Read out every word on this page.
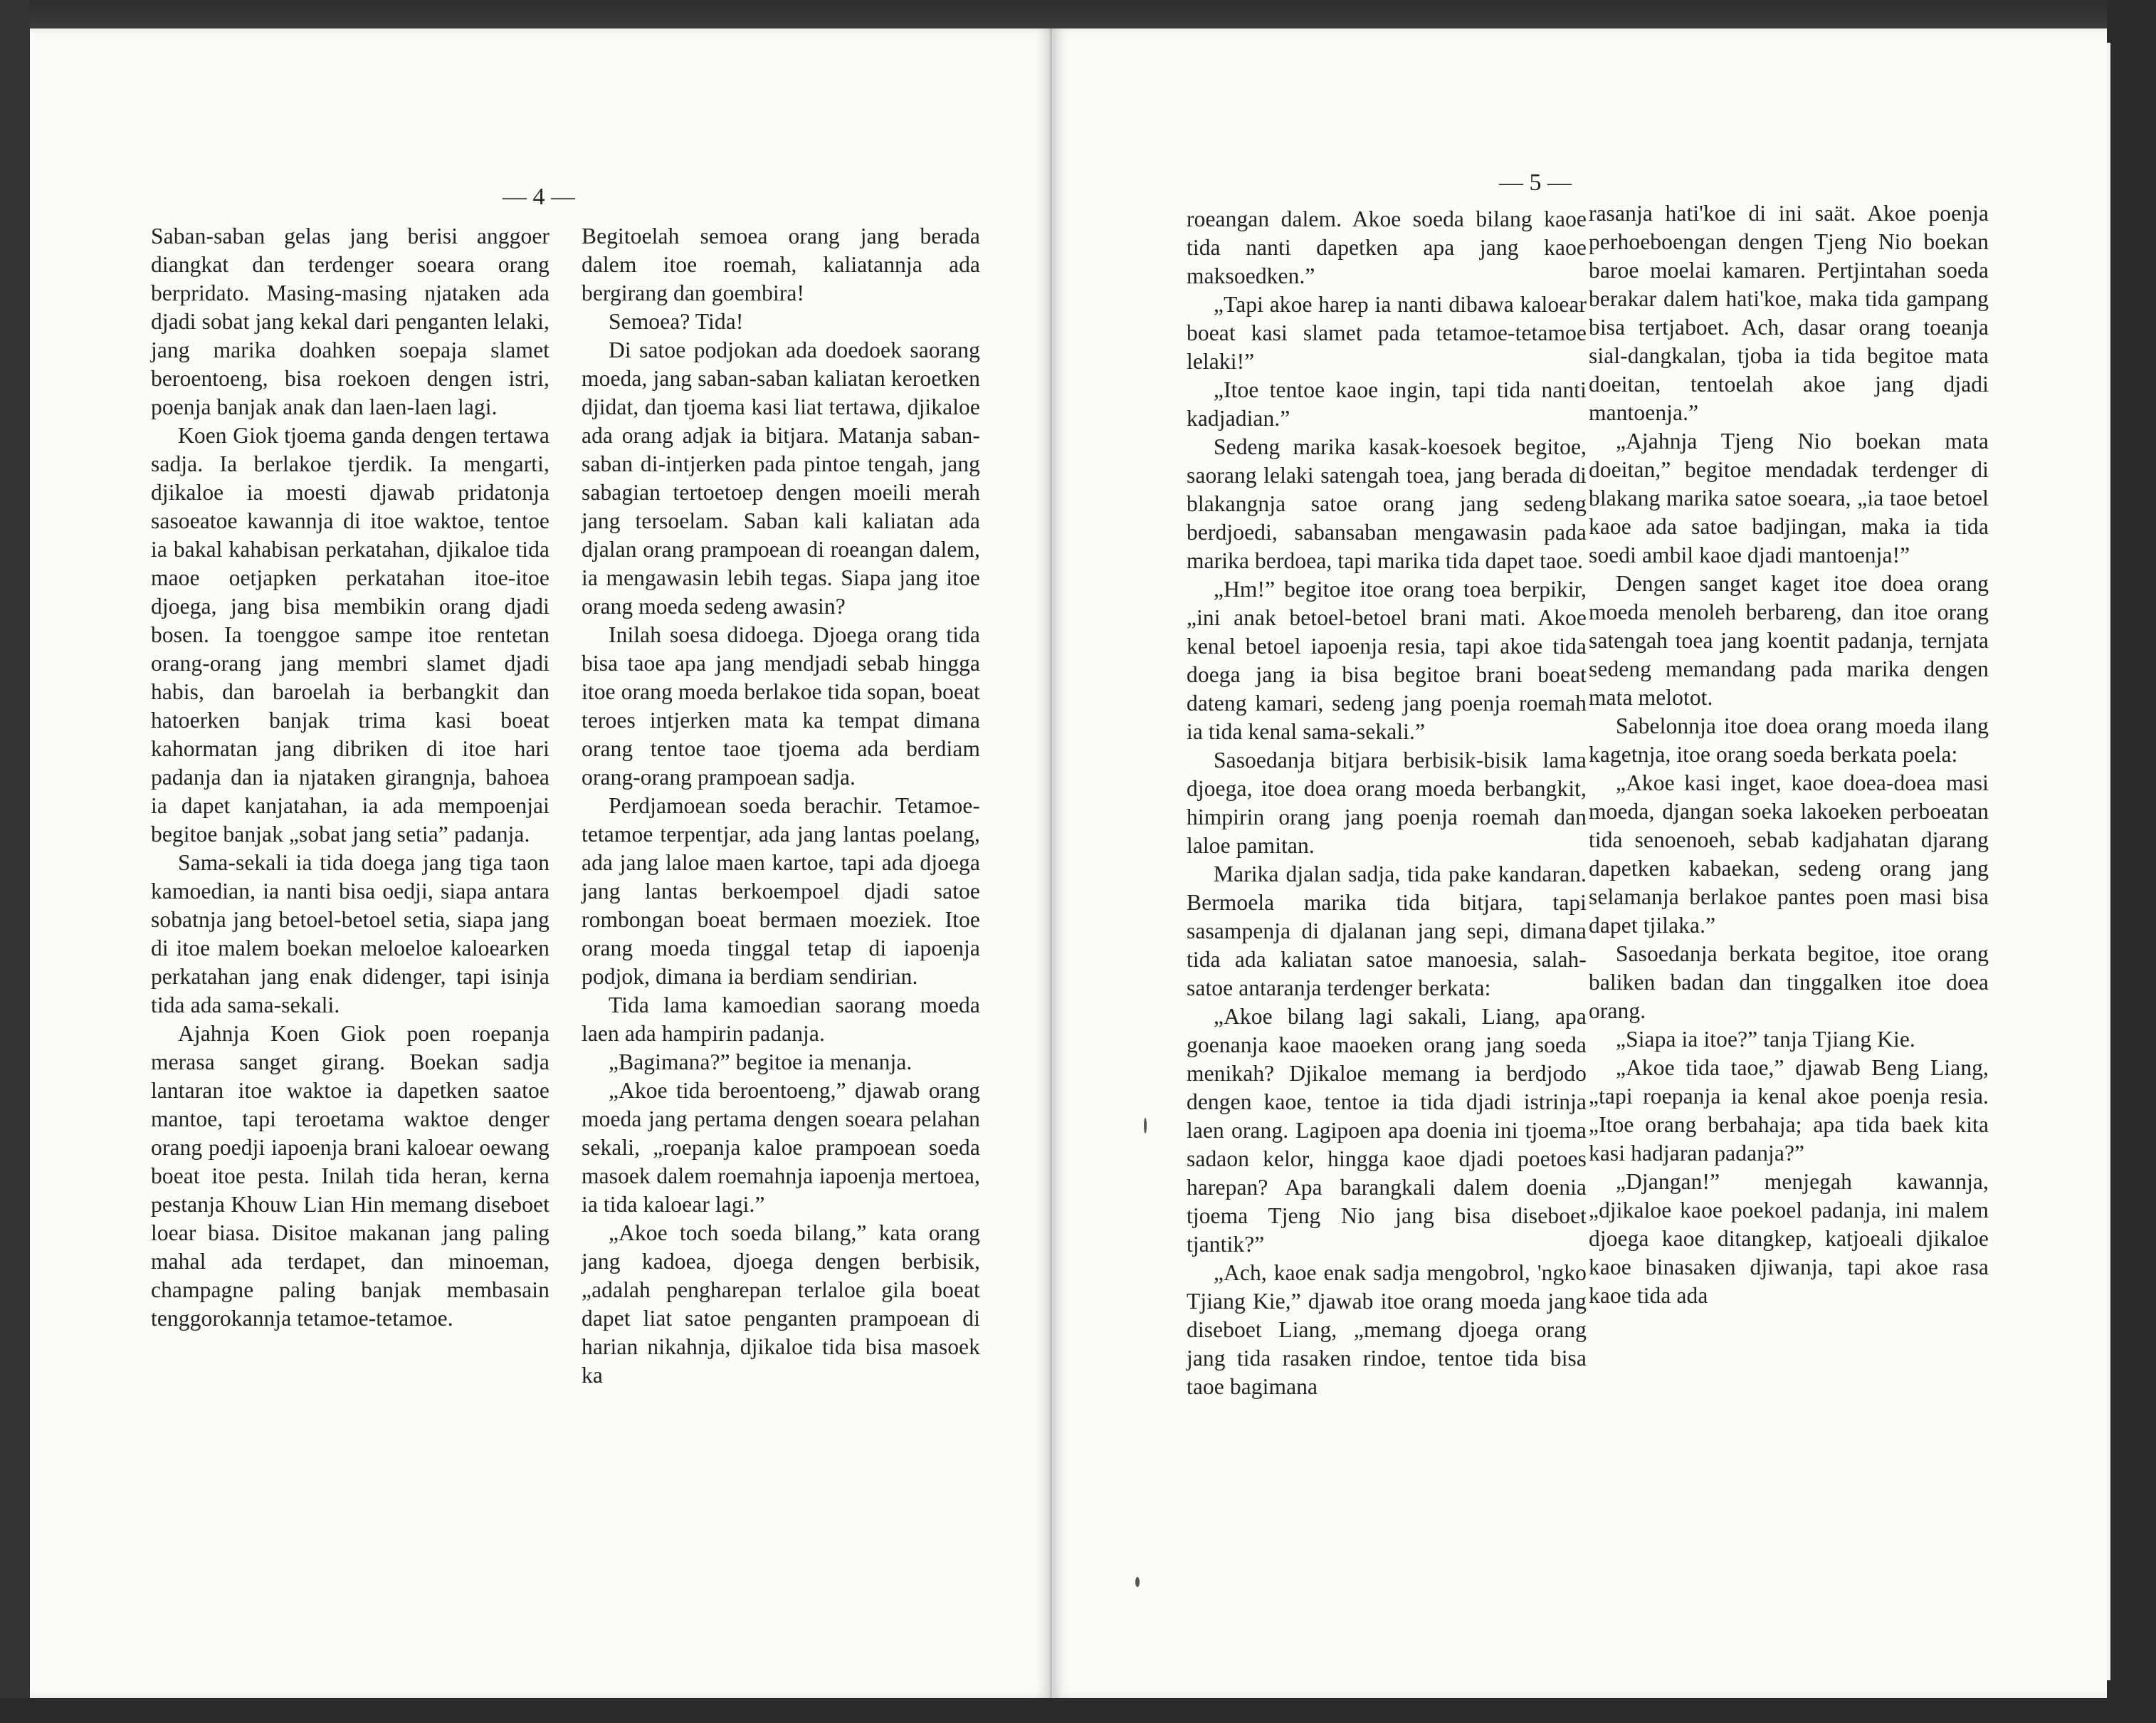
— 4 —

Saban-saban gelas jang berisi anggoer diangkat dan terdenger soeara orang berpridato. Masing-masing njataken ada djadi sobat jang kekal dari penganten lelaki, jang marika doahken soepaja slamet beroentoeng, bisa roekoen dengen istri, poenja banjak anak dan laen-laen lagi.

Koen Giok tjoema ganda dengen tertawa sadja. Ia berlakoe tjerdik. Ia mengarti, djikaloe ia moesti djawab pridatonja sasoeatoe kawannja di itoe waktoe, tentoe ia bakal kahabisan perkatahan, djikaloe tida maoe oetjapken perkatahan itoe-itoe djoega, jang bisa membikin orang djadi bosen. Ia toenggoe sampe itoe rentetan orang-orang jang membri slamet djadi habis, dan baroelah ia berbangkit dan hatoerken banjak trima kasi boeat kahormatan jang dibriken di itoe hari padanja dan ia njataken girangnja, bahoea ia dapet kanjatahan, ia ada mempoenjai begitoe banjak „sobat jang setia” padanja.

Sama-sekali ia tida doega jang tiga taon kamoedian, ia nanti bisa oedji, siapa antara sobatnja jang betoel-betoel setia, siapa jang di itoe malem boekan meloeloe kaloearken perkatahan jang enak didenger, tapi isinja tida ada sama-sekali.

Ajahnja Koen Giok poen roepanja merasa sanget girang. Boekan sadja lantaran itoe waktoe ia dapetken saatoe mantoe, tapi teroetama waktoe denger orang poedji iapoenja brani kaloear oewang boeat itoe pesta. Inilah tida heran, kerna pestanja Khouw Lian Hin memang diseboet loear biasa. Disitoe makanan jang paling mahal ada terdapet, dan minoeman, champagne paling banjak membasain tenggorokannja tetamoe-tetamoe.

Begitoelah semoea orang jang berada dalem itoe roemah, kaliatannja ada bergirang dan goembira!

Semoea? Tida!

Di satoe podjokan ada doedoek saorang moeda, jang saban-saban kaliatan keroetken djidat, dan tjoema kasi liat tertawa, djikaloe ada orang adjak ia bitjara. Matanja saban-saban di-intjerken pada pintoe tengah, jang sabagian tertoetoep dengen moeili merah jang tersoelam. Saban kali kaliatan ada djalan orang prampoean di roeangan dalem, ia mengawasin lebih tegas. Siapa jang itoe orang moeda sedeng awasin?

Inilah soesa didoega. Djoega orang tida bisa taoe apa jang mendjadi sebab hingga itoe orang moeda berlakoe tida sopan, boeat teroes intjerken mata ka tempat dimana orang tentoe taoe tjoema ada berdiam orang-orang prampoean sadja.

Perdjamoean soeda berachir. Tetamoe-tetamoe terpentjar, ada jang lantas poelang, ada jang laloe maen kartoe, tapi ada djoega jang lantas berkoempoel djadi satoe rombongan boeat bermaen moeziek. Itoe orang moeda tinggal tetap di iapoenja podjok, dimana ia berdiam sendirian.

Tida lama kamoedian saorang moeda laen ada hampirin padanja.

„Bagimana?” begitoe ia menanja.

„Akoe tida beroentoeng,” djawab orang moeda jang pertama dengen soeara pelahan sekali, „roepanja kaloe prampoean soeda masoek dalem roemahnja iapoenja mertoea, ia tida kaloear lagi.”

„Akoe toch soeda bilang,” kata orang jang kadoea, djoega dengen berbisik, „adalah pengharepan terlaloe gila boeat dapet liat satoe penganten prampoean di harian nikahnja, djikaloe tida bisa masoek ka

— 5 —

roeangan dalem. Akoe soeda bilang kaoe tida nanti dapetken apa jang kaoe maksoedken.”

„Tapi akoe harep ia nanti dibawa kaloear boeat kasi slamet pada tetamoe-tetamoe lelaki!”

„Itoe tentoe kaoe ingin, tapi tida nanti kadjadian.”

Sedeng marika kasak-koesoek begitoe, saorang lelaki satengah toea, jang berada di blakangnja satoe orang jang sedeng berdjoedi, sabansaban mengawasin pada marika berdoea, tapi marika tida dapet taoe.

„Hm!” begitoe itoe orang toea berpikir, „ini anak betoel-betoel brani mati. Akoe kenal betoel iapoenja resia, tapi akoe tida doega jang ia bisa begitoe brani boeat dateng kamari, sedeng jang poenja roemah ia tida kenal sama-sekali.”

Sasoedanja bitjara berbisik-bisik lama djoega, itoe doea orang moeda berbangkit, himpirin orang jang poenja roemah dan laloe pamitan.

Marika djalan sadja, tida pake kandaran. Bermoela marika tida bitjara, tapi sasampenja di djalanan jang sepi, dimana tida ada kaliatan satoe manoesia, salah-satoe antaranja terdenger berkata:

„Akoe bilang lagi sakali, Liang, apa goenanja kaoe maoeken orang jang soeda menikah? Djikaloe memang ia berdjodo dengen kaoe, tentoe ia tida djadi istrinja laen orang. Lagipoen apa doenia ini tjoema sadaon kelor, hingga kaoe djadi poetoes harepan? Apa barangkali dalem doenia tjoema Tjeng Nio jang bisa diseboet tjantik?”

„Ach, kaoe enak sadja mengobrol, 'ngko Tjiang Kie,” djawab itoe orang moeda jang diseboet Liang, „memang djoega orang jang tida rasaken rindoe, tentoe tida bisa taoe bagimana

rasanja hati'koe di ini saät. Akoe poenja perhoeboengan dengen Tjeng Nio boekan baroe moelai kamaren. Pertjintahan soeda berakar dalem hati'koe, maka tida gampang bisa tertjaboet. Ach, dasar orang toeanja sial-dangkalan, tjoba ia tida begitoe mata doeitan, tentoelah akoe jang djadi mantoenja.”

„Ajahnja Tjeng Nio boekan mata doeitan,” begitoe mendadak terdenger di blakang marika satoe soeara, „ia taoe betoel kaoe ada satoe badjingan, maka ia tida soedi ambil kaoe djadi mantoenja!”

Dengen sanget kaget itoe doea orang moeda menoleh berbareng, dan itoe orang satengah toea jang koentit padanja, ternjata sedeng memandang pada marika dengen mata melotot.

Sabelonnja itoe doea orang moeda ilang kagetnja, itoe orang soeda berkata poela:

„Akoe kasi inget, kaoe doea-doea masi moeda, djangan soeka lakoeken perboeatan tida senoenoeh, sebab kadjahatan djarang dapetken kabaekan, sedeng orang jang selamanja berlakoe pantes poen masi bisa dapet tjilaka.”

Sasoedanja berkata begitoe, itoe orang baliken badan dan tinggalken itoe doea orang.

„Siapa ia itoe?” tanja Tjiang Kie.

„Akoe tida taoe,” djawab Beng Liang, „tapi roepanja ia kenal akoe poenja resia. „Itoe orang berbahaja; apa tida baek kita kasi hadjaran padanja?”

„Djangan!” menjegah kawannja, „djikaloe kaoe poekoel padanja, ini malem djoega kaoe ditangkep, katjoeali djikaloe kaoe binasaken djiwanja, tapi akoe rasa kaoe tida ada
